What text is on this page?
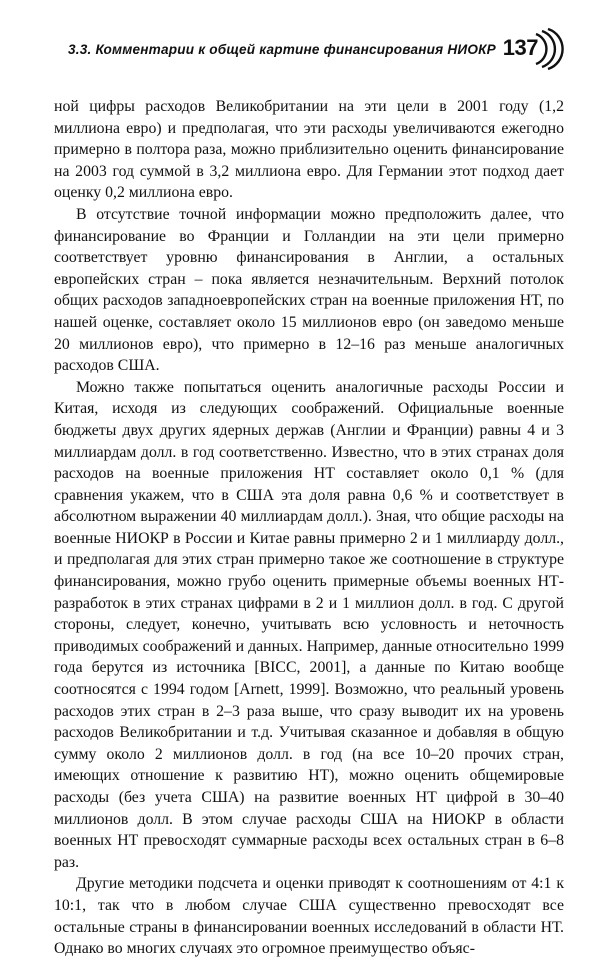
3.3. Комментарии к общей картине финансирования НИОКР 137

ной цифры расходов Великобритании на эти цели в 2001 году (1,2 миллиона евро) и предполагая, что эти расходы увеличиваются ежегодно примерно в полтора раза, можно приблизительно оценить финансирование на 2003 год суммой в 3,2 миллиона евро. Для Германии этот подход дает оценку 0,2 миллиона евро.

В отсутствие точной информации можно предположить далее, что финансирование во Франции и Голландии на эти цели примерно соответствует уровню финансирования в Англии, а остальных европейских стран – пока является незначительным. Верхний потолок общих расходов западноевропейских стран на военные приложения НТ, по нашей оценке, составляет около 15 миллионов евро (он заведомо меньше 20 миллионов евро), что примерно в 12–16 раз меньше аналогичных расходов США.

Можно также попытаться оценить аналогичные расходы России и Китая, исходя из следующих соображений. Официальные военные бюджеты двух других ядерных держав (Англии и Франции) равны 4 и 3 миллиардам долл. в год соответственно. Известно, что в этих странах доля расходов на военные приложения НТ составляет около 0,1 % (для сравнения укажем, что в США эта доля равна 0,6 % и соответствует в абсолютном выражении 40 миллиардам долл.). Зная, что общие расходы на военные НИОКР в России и Китае равны примерно 2 и 1 миллиарду долл., и предполагая для этих стран примерно такое же соотношение в структуре финансирования, можно грубо оценить примерные объемы военных НТ-разработок в этих странах цифрами в 2 и 1 миллион долл. в год. С другой стороны, следует, конечно, учитывать всю условность и неточность приводимых соображений и данных. Например, данные относительно 1999 года берутся из источника [BICC, 2001], а данные по Китаю вообще соотносятся с 1994 годом [Arnett, 1999]. Возможно, что реальный уровень расходов этих стран в 2–3 раза выше, что сразу выводит их на уровень расходов Великобритании и т.д. Учитывая сказанное и добавляя в общую сумму около 2 миллионов долл. в год (на все 10–20 прочих стран, имеющих отношение к развитию НТ), можно оценить общемировые расходы (без учета США) на развитие военных НТ цифрой в 30–40 миллионов долл. В этом случае расходы США на НИОКР в области военных НТ превосходят суммарные расходы всех остальных стран в 6–8 раз.

Другие методики подсчета и оценки приводят к соотношениям от 4:1 к 10:1, так что в любом случае США существенно превосходят все остальные страны в финансировании военных исследований в области НТ. Однако во многих случаях это огромное преимущество объяс-
